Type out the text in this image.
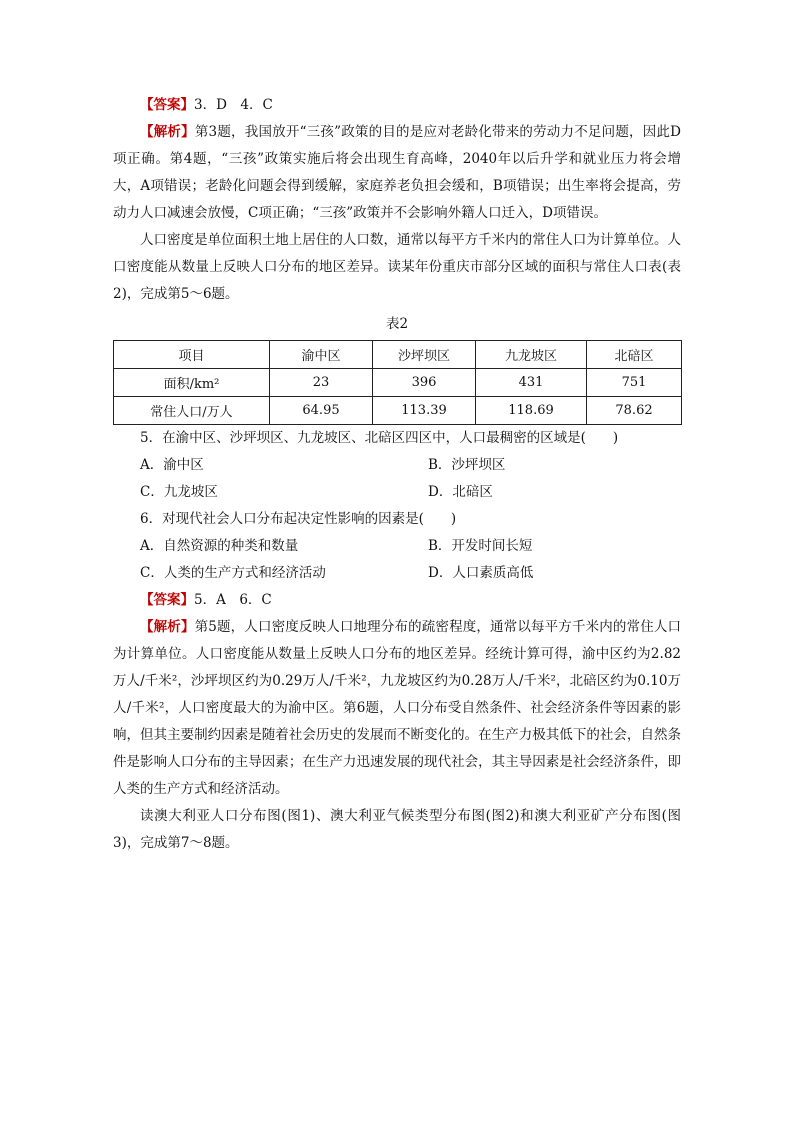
【答案】3．D　4．C

【解析】第3题，我国放开“三孩”政策的目的是应对老龄化带来的劳动力不足问题，因此D项正确。第4题，“三孩”政策实施后将会出现生育高峰，2040年以后升学和就业压力将会增大，A项错误；老龄化问题会得到缓解，家庭养老负担会缓和，B项错误；出生率将会提高，劳动力人口减速会放慢，C项正确；“三孩”政策并不会影响外籍人口迁入，D项错误。

人口密度是单位面积土地上居住的人口数，通常以每平方千米内的常住人口为计算单位。人口密度能从数量上反映人口分布的地区差异。读某年份重庆市部分区域的面积与常住人口表(表2)，完成第5～6题。

表2
项目	渝中区	沙坪坝区	九龙坡区	北碚区
面积/km²	23	396	431	751
常住人口/万人	64.95	113.39	118.69	78.62

5．在渝中区、沙坪坝区、九龙坡区、北碚区四区中，人口最稠密的区域是(　　)

A．渝中区	B．沙坪坝区
C．九龙坡区	D．北碚区

6．对现代社会人口分布起决定性影响的因素是(　　)

A．自然资源的种类和数量	B．开发时间长短
C．人类的生产方式和经济活动	D．人口素质高低

【答案】5．A　6．C

【解析】第5题，人口密度反映人口地理分布的疏密程度，通常以每平方千米内的常住人口为计算单位。人口密度能从数量上反映人口分布的地区差异。经统计算可得，渝中区约为2.82万人/千米²，沙坪坝区约为0.29万人/千米²，九龙坡区约为0.28万人/千米²，北碚区约为0.10万人/千米²，人口密度最大的为渝中区。第6题，人口分布受自然条件、社会经济条件等因素的影响，但其主要制约因素是随着社会历史的发展而不断变化的。在生产力极其低下的社会，自然条件是影响人口分布的主导因素；在生产力迅速发展的现代社会，其主导因素是社会经济条件，即人类的生产方式和经济活动。

读澳大利亚人口分布图(图1)、澳大利亚气候类型分布图(图2)和澳大利亚矿产分布图(图3)，完成第7～8题。
